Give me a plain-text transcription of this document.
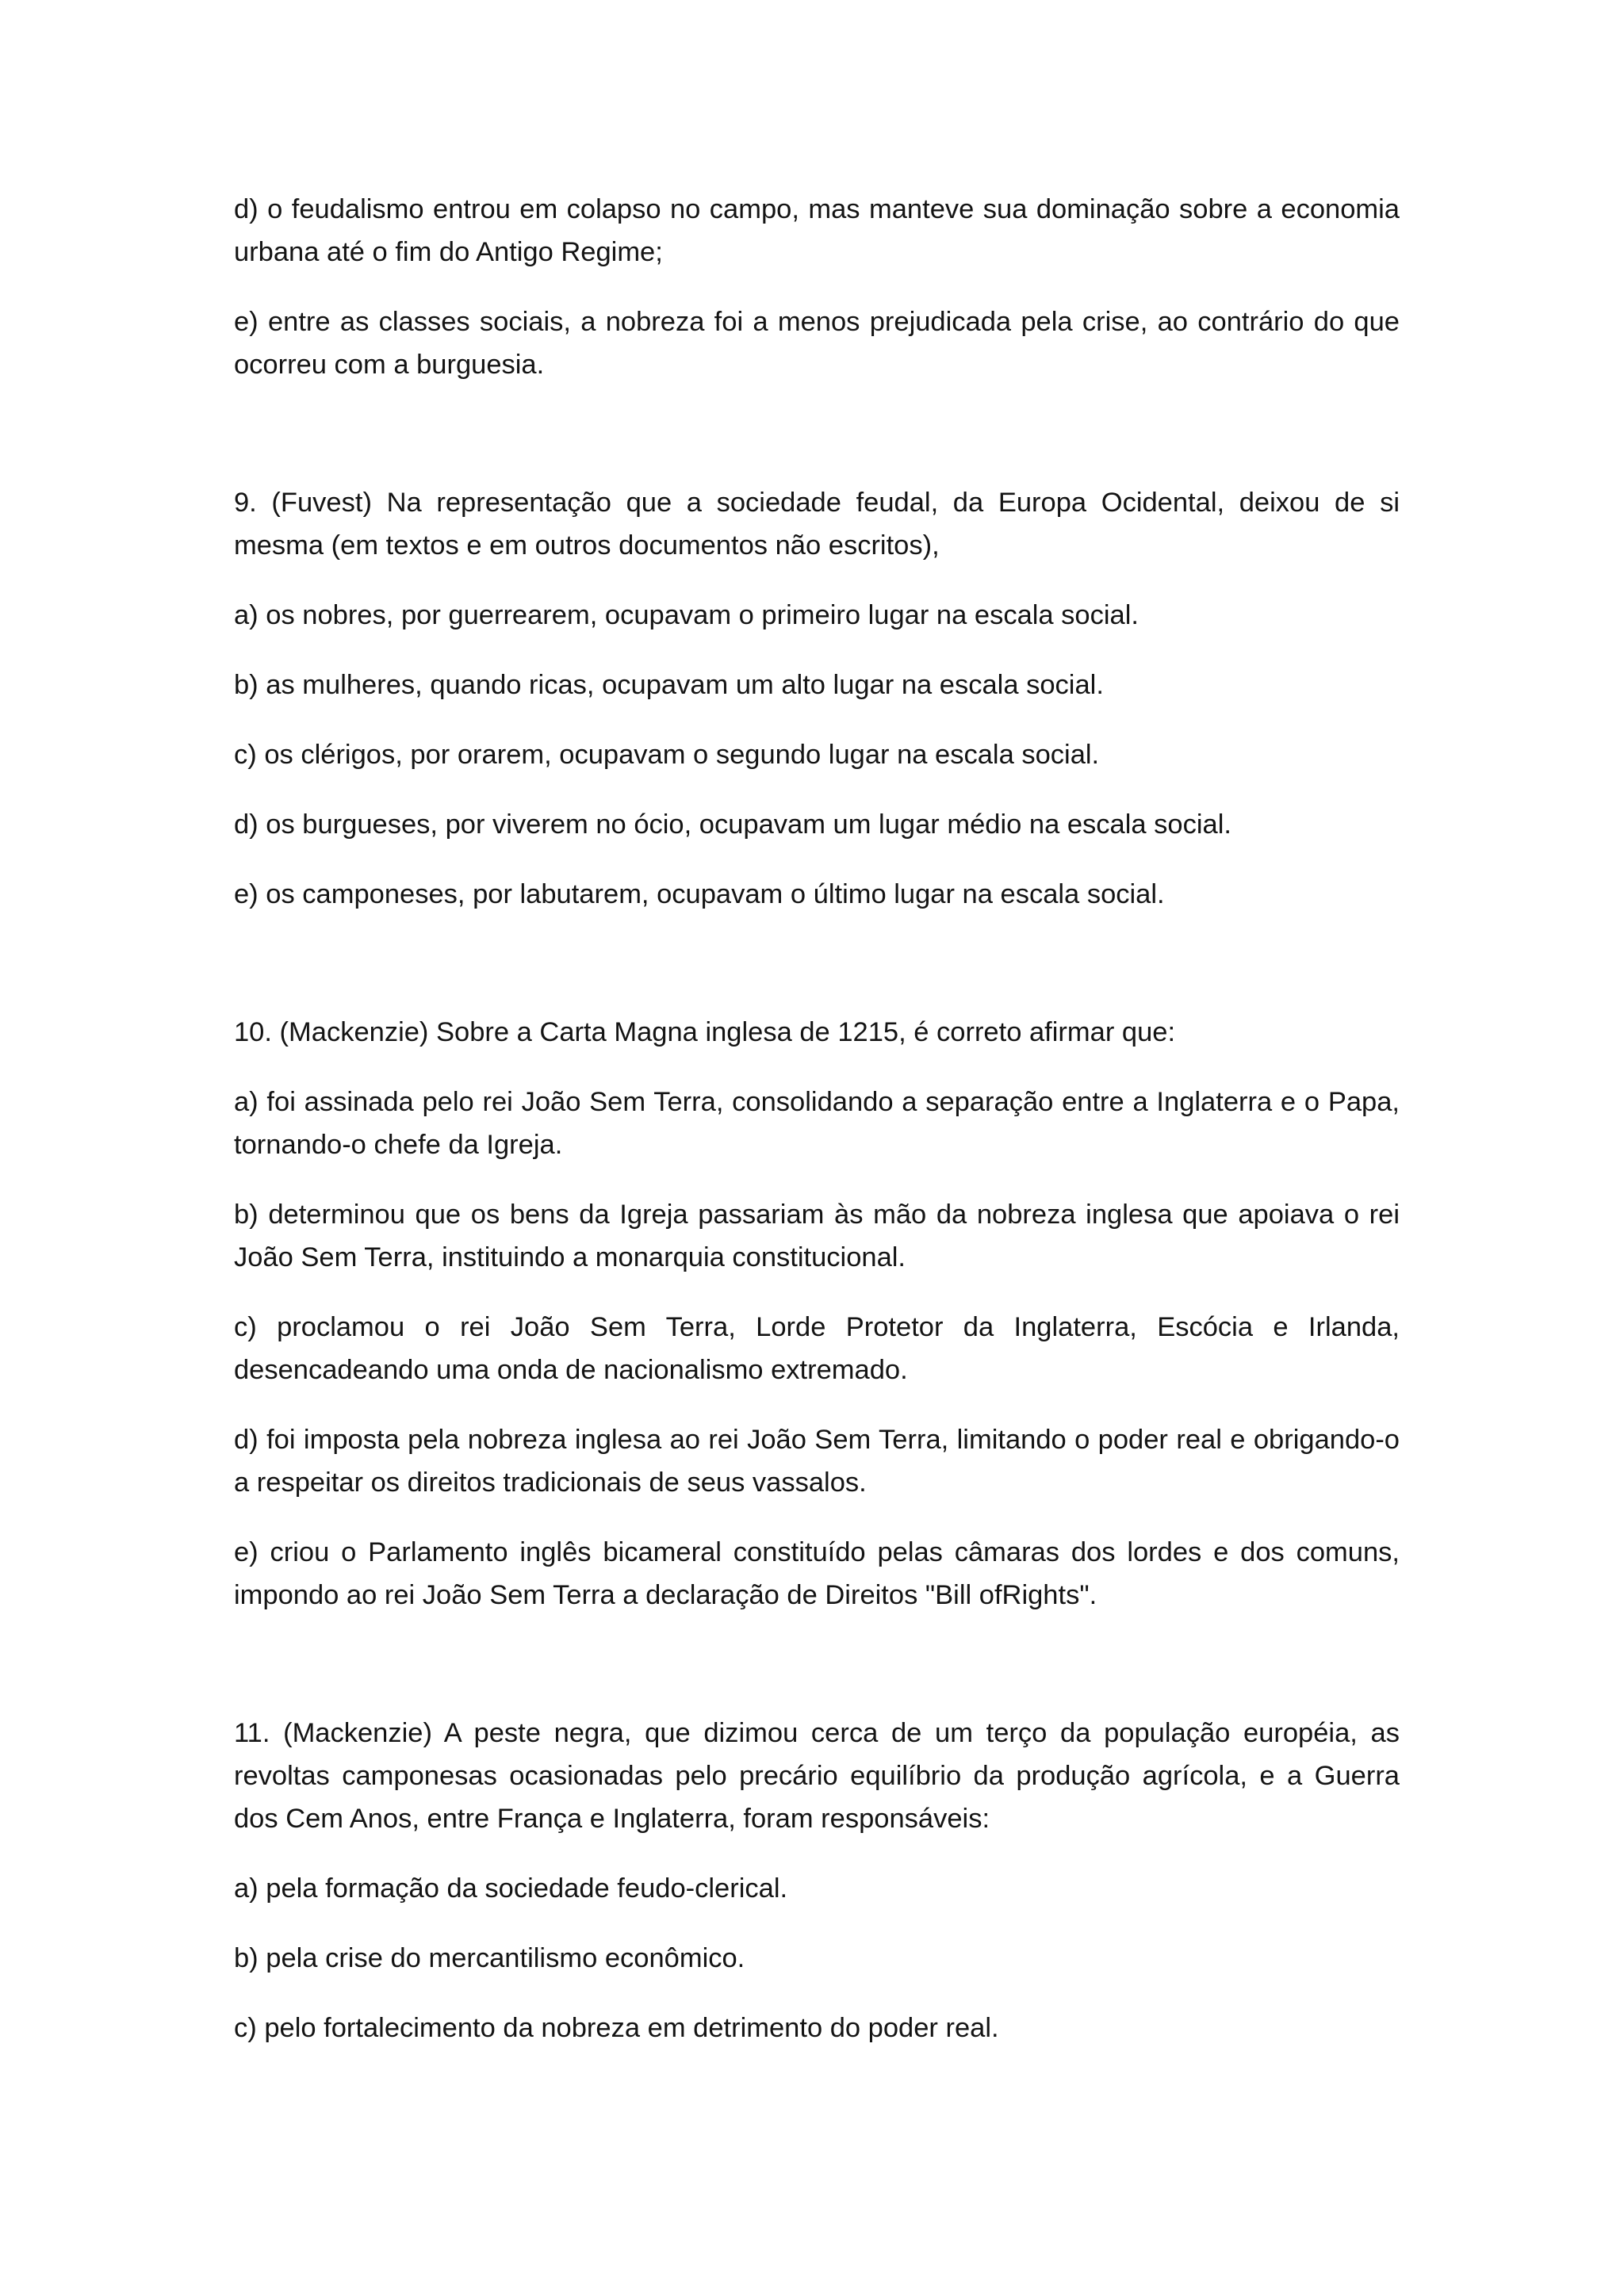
d) o feudalismo entrou em colapso no campo, mas manteve sua dominação sobre a economia urbana até o fim do Antigo Regime;

e) entre as classes sociais, a nobreza foi a menos prejudicada pela crise, ao contrário do que ocorreu com a burguesia.

9. (Fuvest) Na representação que a sociedade feudal, da Europa Ocidental, deixou de si mesma (em textos e em outros documentos não escritos),

a) os nobres, por guerrearem, ocupavam o primeiro lugar na escala social.

b) as mulheres, quando ricas, ocupavam um alto lugar na escala social.

c) os clérigos, por orarem, ocupavam o segundo lugar na escala social.

d) os burgueses, por viverem no ócio, ocupavam um lugar médio na escala social.

e) os camponeses, por labutarem, ocupavam o último lugar na escala social.

10. (Mackenzie) Sobre a Carta Magna inglesa de 1215, é correto afirmar que:

a) foi assinada pelo rei João Sem Terra, consolidando a separação entre a Inglaterra e o Papa, tornando-o chefe da Igreja.

b) determinou que os bens da Igreja passariam às mão da nobreza inglesa que apoiava o rei João Sem Terra, instituindo a monarquia constitucional.

c) proclamou o rei João Sem Terra, Lorde Protetor da Inglaterra, Escócia e Irlanda, desencadeando uma onda de nacionalismo extremado.

d) foi imposta pela nobreza inglesa ao rei João Sem Terra, limitando o poder real e obrigando-o a respeitar os direitos tradicionais de seus vassalos.

e) criou o Parlamento inglês bicameral constituído pelas câmaras dos lordes e dos comuns, impondo ao rei João Sem Terra a declaração de Direitos "Bill ofRights".

11. (Mackenzie) A peste negra, que dizimou cerca de um terço da população européia, as revoltas camponesas ocasionadas pelo precário equilíbrio da produção agrícola, e a Guerra dos Cem Anos, entre França e Inglaterra, foram responsáveis:

a) pela formação da sociedade feudo-clerical.

b) pela crise do mercantilismo econômico.

c) pelo fortalecimento da nobreza em detrimento do poder real.
